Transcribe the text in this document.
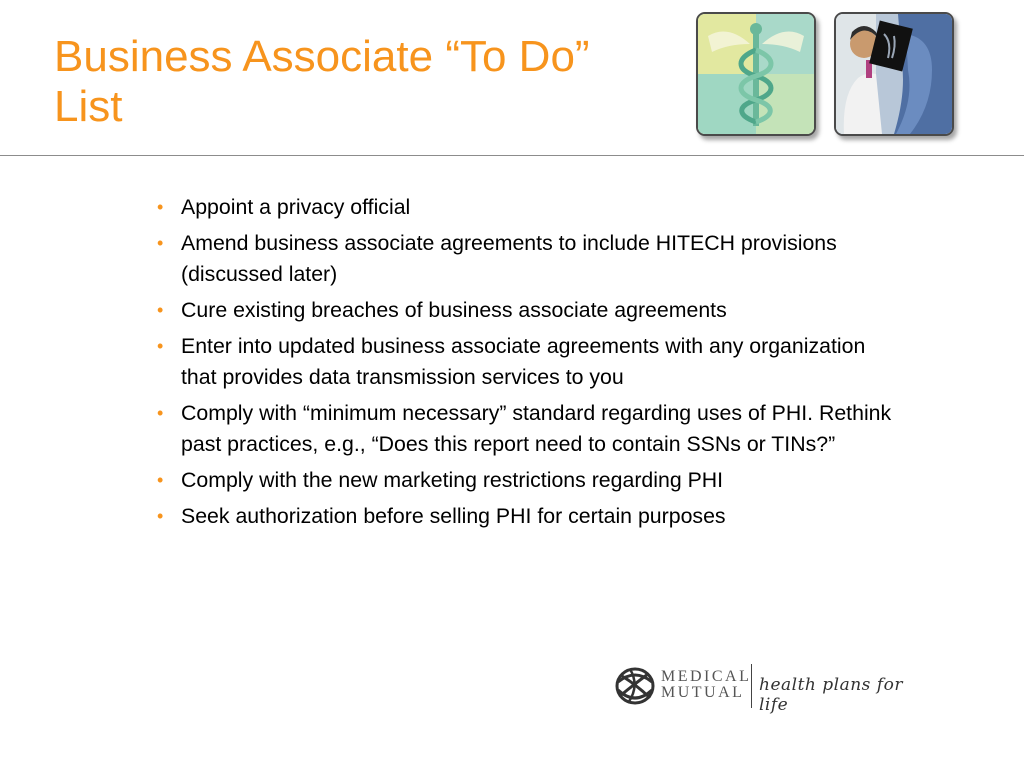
Business Associate “To Do”
List
• Appoint a privacy official
• Amend business associate agreements to include HITECH provisions (discussed later)
• Cure existing breaches of business associate agreements
• Enter into updated business associate agreements with any organization that provides data transmission services to you
• Comply with “minimum necessary” standard regarding uses of PHI. Rethink past practices, e.g., “Does this report need to contain SSNs or TINs?”
• Comply with the new marketing restrictions regarding PHI
• Seek authorization before selling PHI for certain purposes
MEDICAL
MUTUAL health plans for life
